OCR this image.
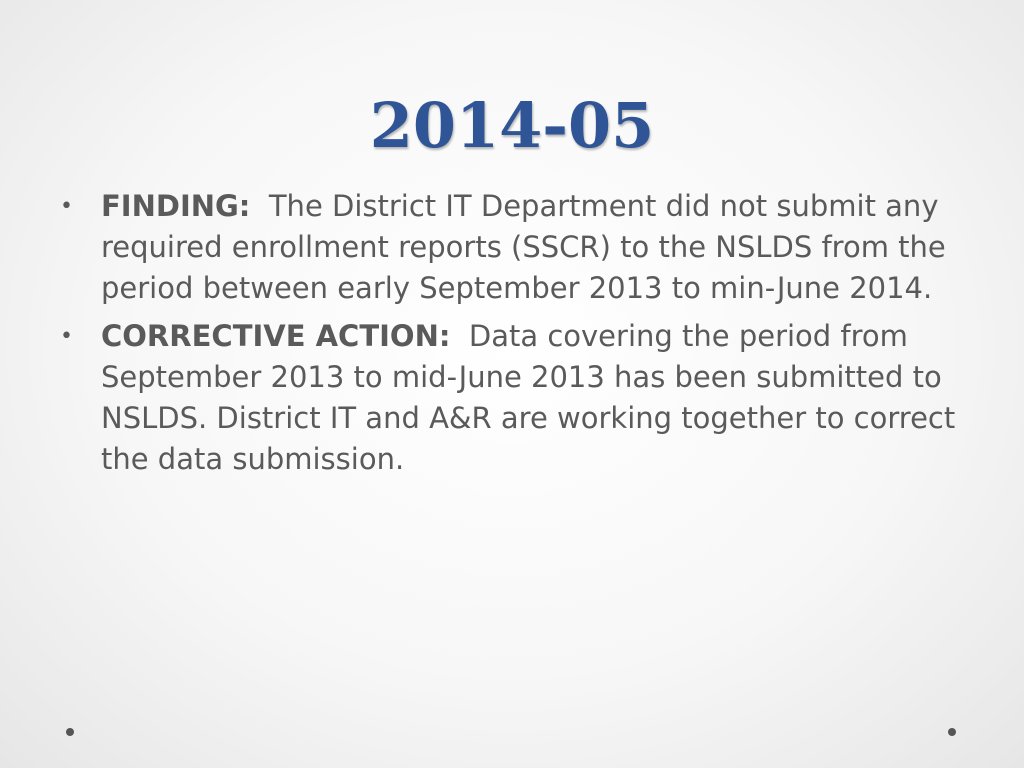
2014-05
• FINDING: The District IT Department did not submit any required enrollment reports (SSCR) to the NSLDS from the period between early September 2013 to min-June 2014.
• CORRECTIVE ACTION: Data covering the period from September 2013 to mid-June 2013 has been submitted to NSLDS. District IT and A&R are working together to correct the data submission.
